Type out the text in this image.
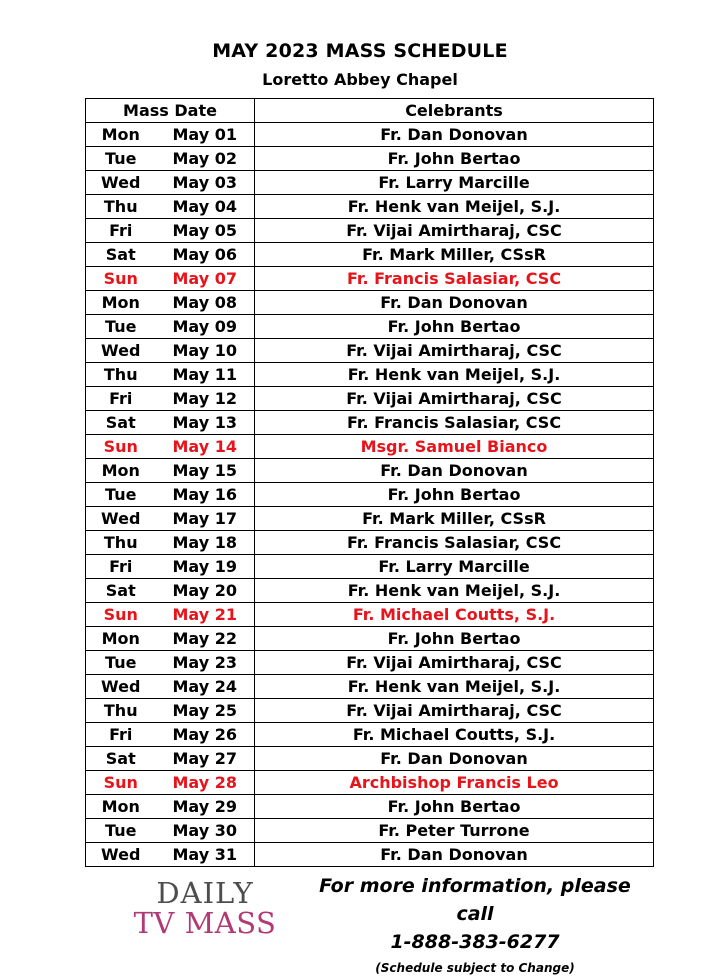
MAY 2023 MASS SCHEDULE
Loretto Abbey Chapel
Mass Date		Celebrants
Mon	May 01	Fr. Dan Donovan
Tue	May 02	Fr. John Bertao
Wed	May 03	Fr. Larry Marcille
Thu	May 04	Fr. Henk van Meijel, S.J.
Fri	May 05	Fr. Vijai Amirtharaj, CSC
Sat	May 06	Fr. Mark Miller, CSsR
Sun	May 07	Fr. Francis Salasiar, CSC
Mon	May 08	Fr. Dan Donovan
Tue	May 09	Fr. John Bertao
Wed	May 10	Fr. Vijai Amirtharaj, CSC
Thu	May 11	Fr. Henk van Meijel, S.J.
Fri	May 12	Fr. Vijai Amirtharaj, CSC
Sat	May 13	Fr. Francis Salasiar, CSC
Sun	May 14	Msgr. Samuel Bianco
Mon	May 15	Fr. Dan Donovan
Tue	May 16	Fr. John Bertao
Wed	May 17	Fr. Mark Miller, CSsR
Thu	May 18	Fr. Francis Salasiar, CSC
Fri	May 19	Fr. Larry Marcille
Sat	May 20	Fr. Henk van Meijel, S.J.
Sun	May 21	Fr. Michael Coutts, S.J.
Mon	May 22	Fr. John Bertao
Tue	May 23	Fr. Vijai Amirtharaj, CSC
Wed	May 24	Fr. Henk van Meijel, S.J.
Thu	May 25	Fr. Vijai Amirtharaj, CSC
Fri	May 26	Fr. Michael Coutts, S.J.
Sat	May 27	Fr. Dan Donovan
Sun	May 28	Archbishop Francis Leo
Mon	May 29	Fr. John Bertao
Tue	May 30	Fr. Peter Turrone
Wed	May 31	Fr. Dan Donovan
DAILY
TV MASS
For more information, please call
1-888-383-6277
(Schedule subject to Change)
